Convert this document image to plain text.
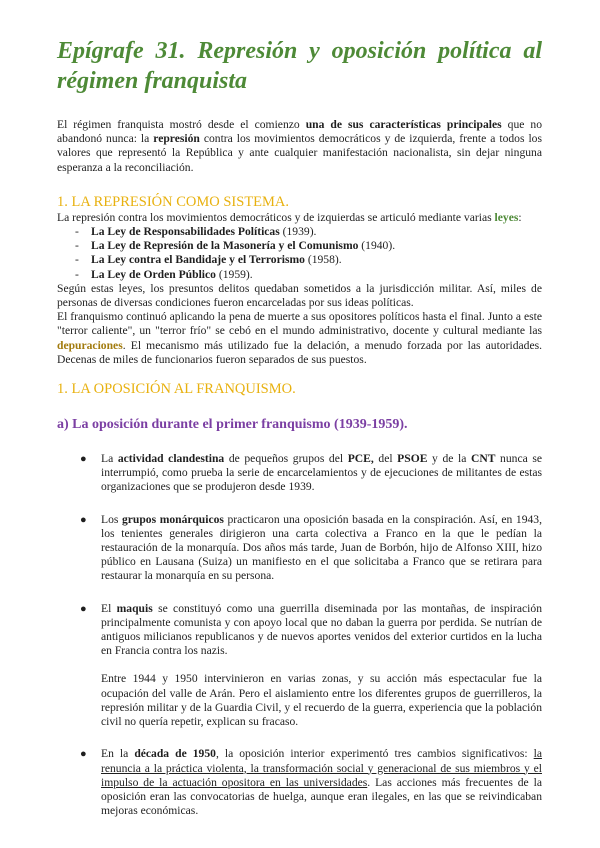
Epígrafe 31. Represión y oposición política al régimen franquista

El régimen franquista mostró desde el comienzo una de sus características principales que no abandonó nunca: la represión contra los movimientos democráticos y de izquierda, frente a todos los valores que representó la República y ante cualquier manifestación nacionalista, sin dejar ninguna esperanza a la reconciliación.

1. LA REPRESIÓN COMO SISTEMA.

La represión contra los movimientos democráticos y de izquierdas se articuló mediante varias leyes:

- La Ley de Responsabilidades Políticas (1939).
- La Ley de Represión de la Masonería y el Comunismo (1940).
- La Ley contra el Bandidaje y el Terrorismo (1958).
- La Ley de Orden Público (1959).

Según estas leyes, los presuntos delitos quedaban sometidos a la jurisdicción militar. Así, miles de personas de diversas condiciones fueron encarceladas por sus ideas políticas.

El franquismo continuó aplicando la pena de muerte a sus opositores políticos hasta el final. Junto a este "terror caliente", un "terror frío" se cebó en el mundo administrativo, docente y cultural mediante las depuraciones. El mecanismo más utilizado fue la delación, a menudo forzada por las autoridades. Decenas de miles de funcionarios fueron separados de sus puestos.

1. LA OPOSICIÓN AL FRANQUISMO.
a) La oposición durante el primer franquismo (1939-1959).
● La actividad clandestina de pequeños grupos del PCE, del PSOE y de la CNT nunca se interrumpió, como prueba la serie de encarcelamientos y de ejecuciones de militantes de estas organizaciones que se produjeron desde 1939.

● Los grupos monárquicos practicaron una oposición basada en la conspiración. Así, en 1943, los tenientes generales dirigieron una carta colectiva a Franco en la que le pedían la restauración de la monarquía. Dos años más tarde, Juan de Borbón, hijo de Alfonso XIII, hizo público en Lausana (Suiza) un manifiesto en el que solicitaba a Franco que se retirara para restaurar la monarquía en su persona.

● El maquis se constituyó como una guerrilla diseminada por las montañas, de inspiración principalmente comunista y con apoyo local que no daban la guerra por perdida. Se nutrían de antiguos milicianos republicanos y de nuevos aportes venidos del exterior curtidos en la lucha en Francia contra los nazis.

Entre 1944 y 1950 intervinieron en varias zonas, y su acción más espectacular fue la ocupación del valle de Arán. Pero el aislamiento entre los diferentes grupos de guerrilleros, la represión militar y de la Guardia Civil, y el recuerdo de la guerra, experiencia que la población civil no quería repetir, explican su fracaso.

● En la década de 1950, la oposición interior experimentó tres cambios significativos: la renuncia a la práctica violenta, la transformación social y generacional de sus miembros y el impulso de la actuación opositora en las universidades. Las acciones más frecuentes de la oposición eran las convocatorias de huelga, aunque eran ilegales, en las que se reivindicaban mejoras económicas.
